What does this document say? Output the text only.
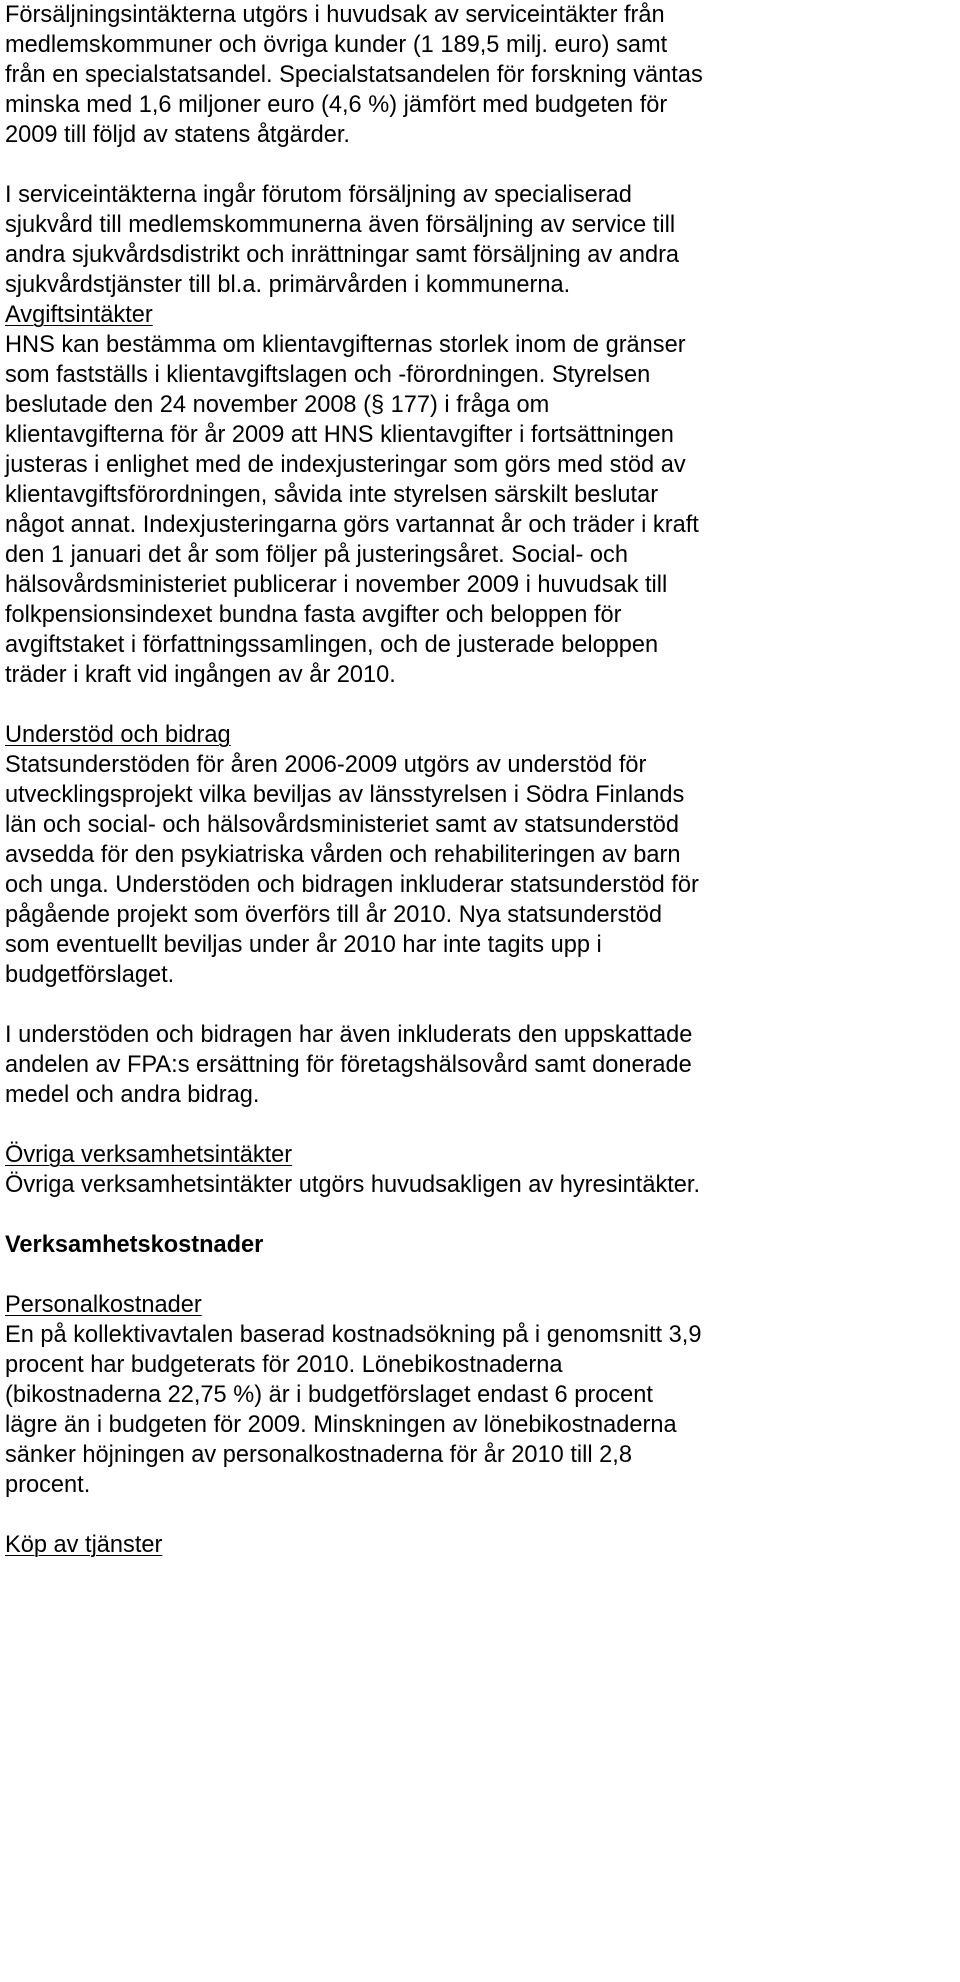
Försäljningsintäkterna utgörs i huvudsak av serviceintäkter från
medlemskommuner och övriga kunder (1 189,5 milj. euro) samt
från en specialstatsandel. Specialstatsandelen för forskning väntas
minska med 1,6 miljoner euro (4,6 %) jämfört med budgeten för
2009 till följd av statens åtgärder.

I serviceintäkterna ingår förutom försäljning av specialiserad
sjukvård till medlemskommunerna även försäljning av service till
andra sjukvårdsdistrikt och inrättningar samt försäljning av andra
sjukvårdstjänster till bl.a. primärvården i kommunerna.

Avgiftsintäkter
HNS kan bestämma om klientavgifternas storlek inom de gränser
som fastställs i klientavgiftslagen och -förordningen. Styrelsen
beslutade den 24 november 2008 (§ 177) i fråga om
klientavgifterna för år 2009 att HNS klientavgifter i fortsättningen
justeras i enlighet med de indexjusteringar som görs med stöd av
klientavgiftsförordningen, såvida inte styrelsen särskilt beslutar
något annat. Indexjusteringarna görs vartannat år och träder i kraft
den 1 januari det år som följer på justeringsåret. Social- och
hälsovårdsministeriet publicerar i november 2009 i huvudsak till
folkpensionsindexet bundna fasta avgifter och beloppen för
avgiftstaket i författningssamlingen, och de justerade beloppen
träder i kraft vid ingången av år 2010.

Understöd och bidrag
Statsunderstöden för åren 2006-2009 utgörs av understöd för
utvecklingsprojekt vilka beviljas av länsstyrelsen i Södra Finlands
län och social- och hälsovårdsministeriet samt av statsunderstöd
avsedda för den psykiatriska vården och rehabiliteringen av barn
och unga. Understöden och bidragen inkluderar statsunderstöd för
pågående projekt som överförs till år 2010. Nya statsunderstöd
som eventuellt beviljas under år 2010 har inte tagits upp i
budgetförslaget.

I understöden och bidragen har även inkluderats den uppskattade
andelen av FPA:s ersättning för företagshälsovård samt donerade
medel och andra bidrag.

Övriga verksamhetsintäkter
Övriga verksamhetsintäkter utgörs huvudsakligen av hyresintäkter.

Verksamhetskostnader

Personalkostnader
En på kollektivavtalen baserad kostnadsökning på i genomsnitt 3,9
procent har budgeterats för 2010. Lönebikostnaderna
(bikostnaderna 22,75 %) är i budgetförslaget endast 6 procent
lägre än i budgeten för 2009. Minskningen av lönebikostnaderna
sänker höjningen av personalkostnaderna för år 2010 till 2,8
procent.

Köp av tjänster
